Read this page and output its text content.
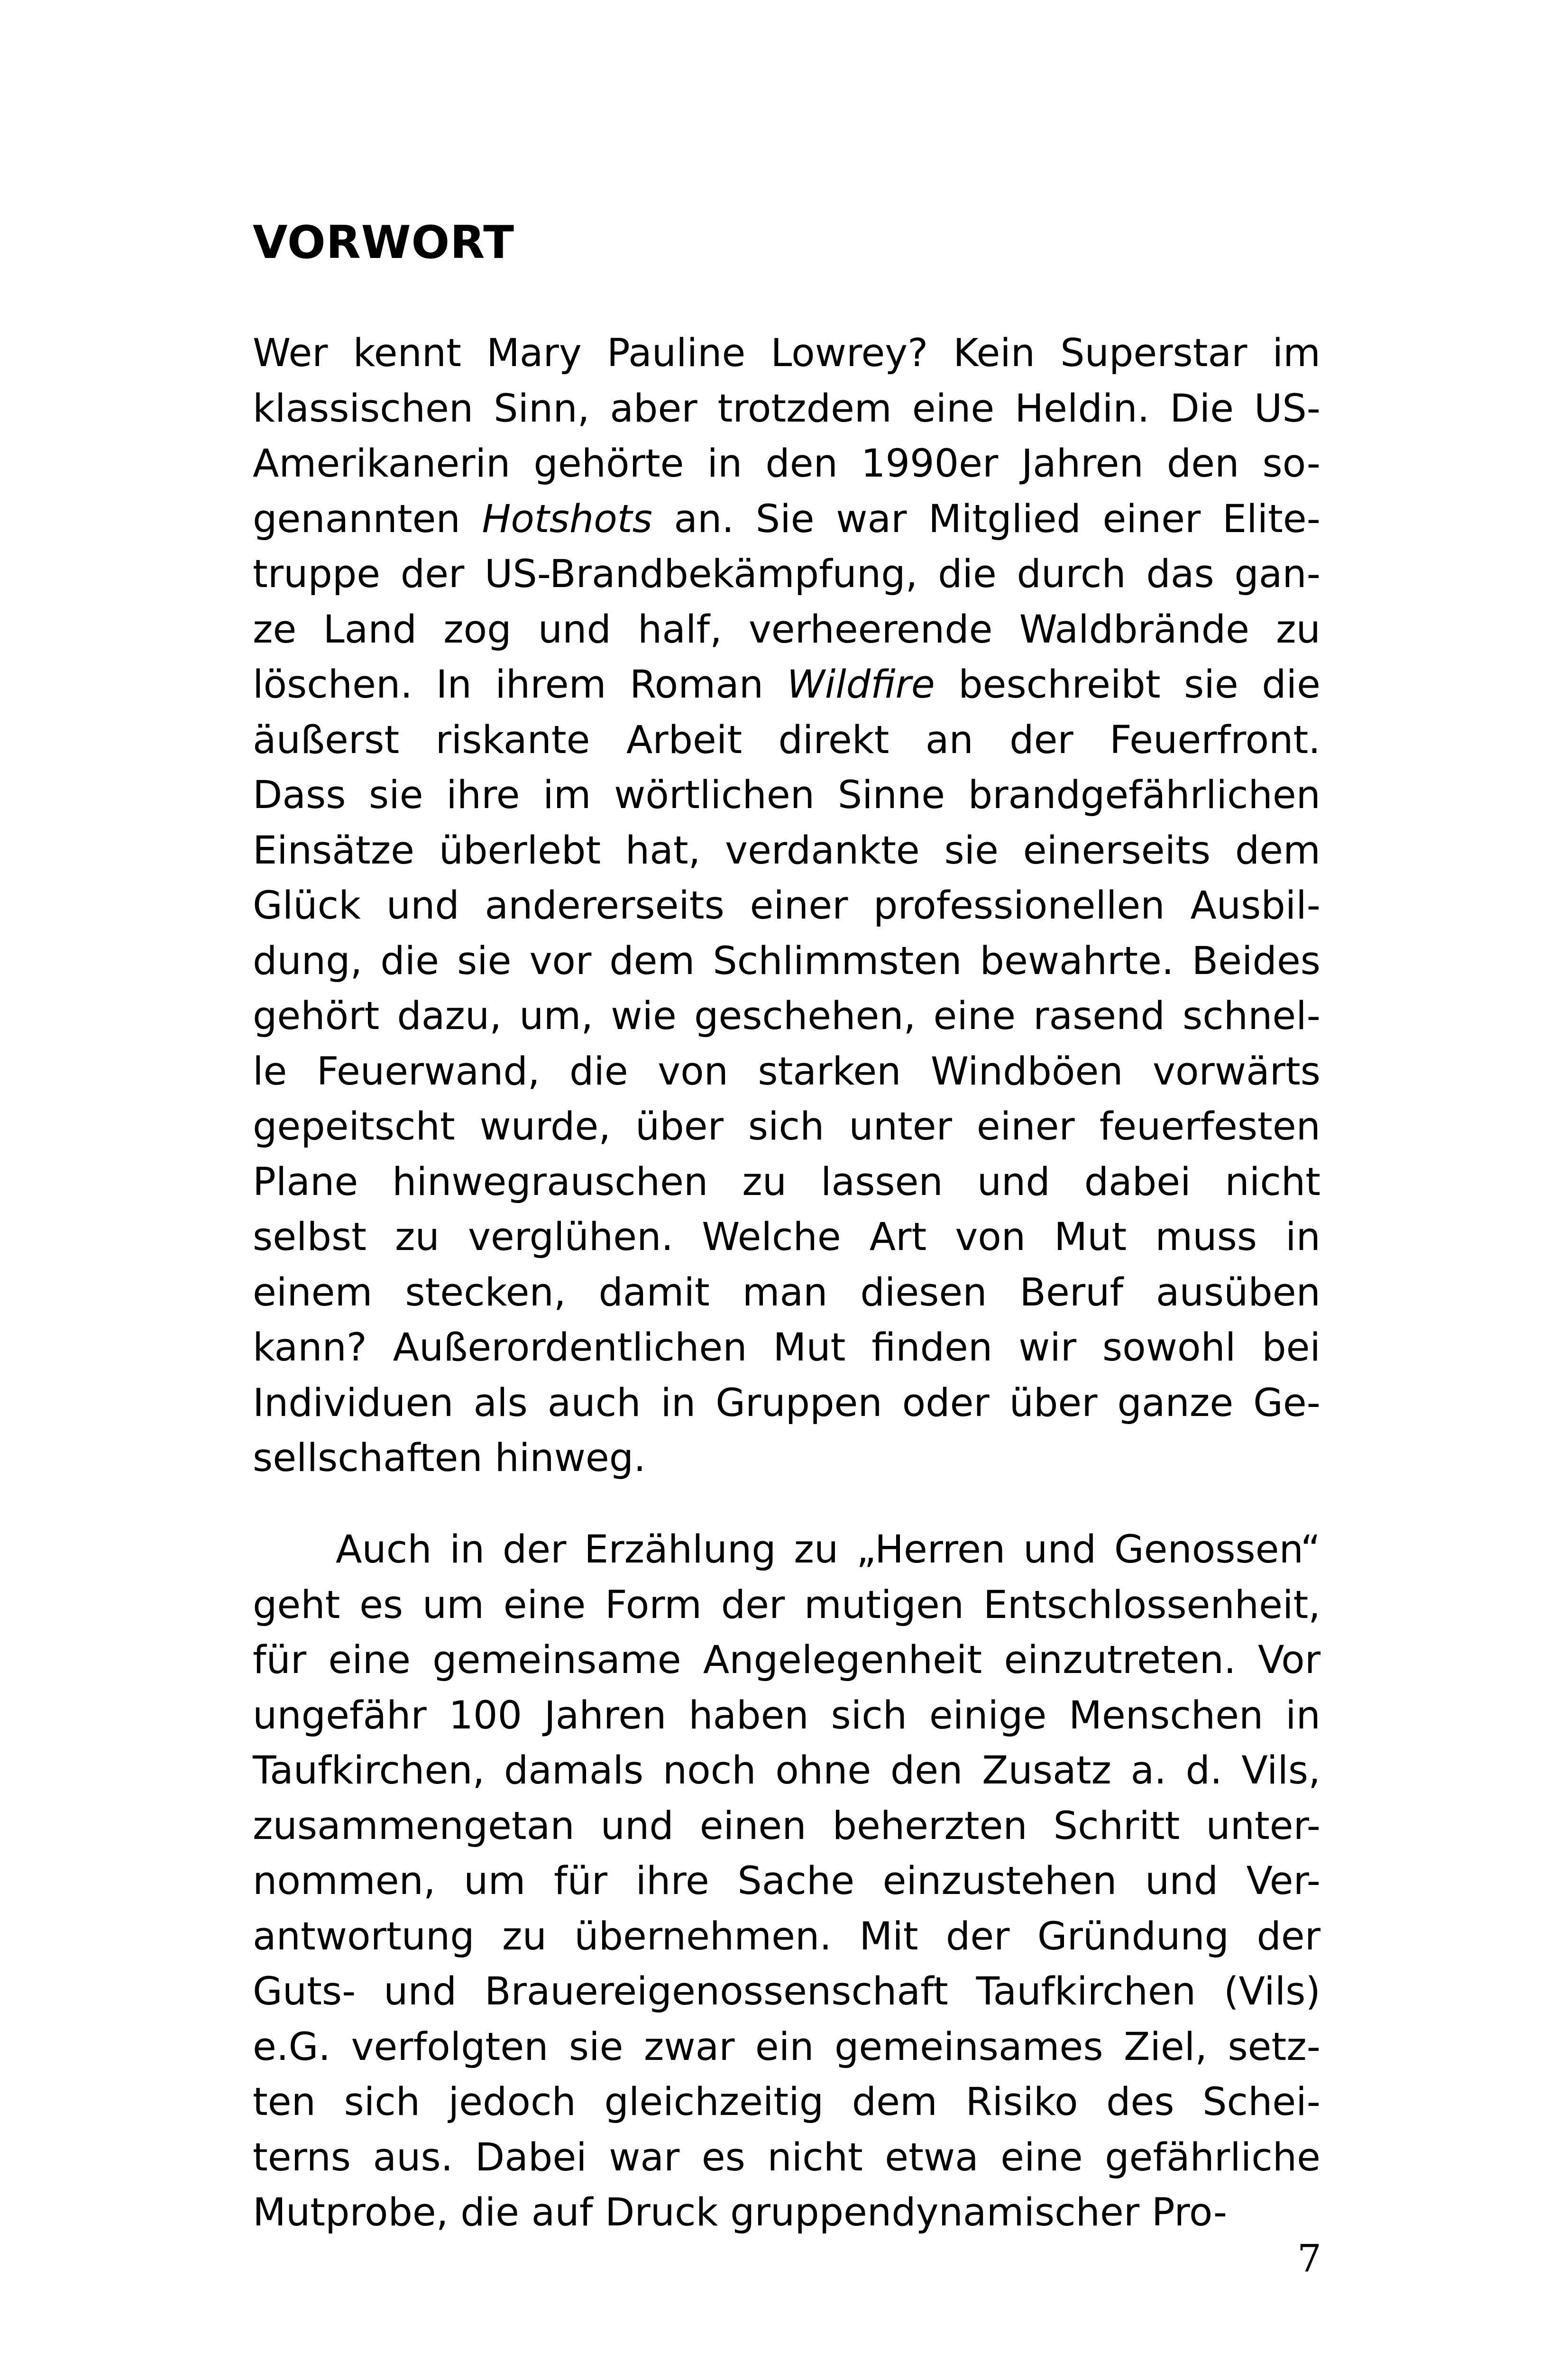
VORWORT
Wer kennt Mary Pauline Lowrey? Kein Superstar im
klassischen Sinn, aber trotzdem eine Heldin. Die US-
Amerikanerin gehörte in den 1990er Jahren den so-
genannten Hotshots an. Sie war Mitglied einer Elite-
truppe der US-Brandbekämpfung, die durch das gan-
ze Land zog und half, verheerende Waldbrände zu
löschen. In ihrem Roman Wildfire beschreibt sie die
äußerst riskante Arbeit direkt an der Feuerfront.
Dass sie ihre im wörtlichen Sinne brandgefährlichen
Einsätze überlebt hat, verdankte sie einerseits dem
Glück und andererseits einer professionellen Ausbil-
dung, die sie vor dem Schlimmsten bewahrte. Beides
gehört dazu, um, wie geschehen, eine rasend schnel-
le Feuerwand, die von starken Windböen vorwärts
gepeitscht wurde, über sich unter einer feuerfesten
Plane hinwegrauschen zu lassen und dabei nicht
selbst zu verglühen. Welche Art von Mut muss in
einem stecken, damit man diesen Beruf ausüben
kann? Außerordentlichen Mut finden wir sowohl bei
Individuen als auch in Gruppen oder über ganze Ge-
sellschaften hinweg.
Auch in der Erzählung zu „Herren und Genossen“
geht es um eine Form der mutigen Entschlossenheit,
für eine gemeinsame Angelegenheit einzutreten. Vor
ungefähr 100 Jahren haben sich einige Menschen in
Taufkirchen, damals noch ohne den Zusatz a. d. Vils,
zusammengetan und einen beherzten Schritt unter-
nommen, um für ihre Sache einzustehen und Ver-
antwortung zu übernehmen. Mit der Gründung der
Guts- und Brauereigenossenschaft Taufkirchen (Vils)
e.G. verfolgten sie zwar ein gemeinsames Ziel, setz-
ten sich jedoch gleichzeitig dem Risiko des Schei-
terns aus. Dabei war es nicht etwa eine gefährliche
Mutprobe, die auf Druck gruppendynamischer Pro-
7
